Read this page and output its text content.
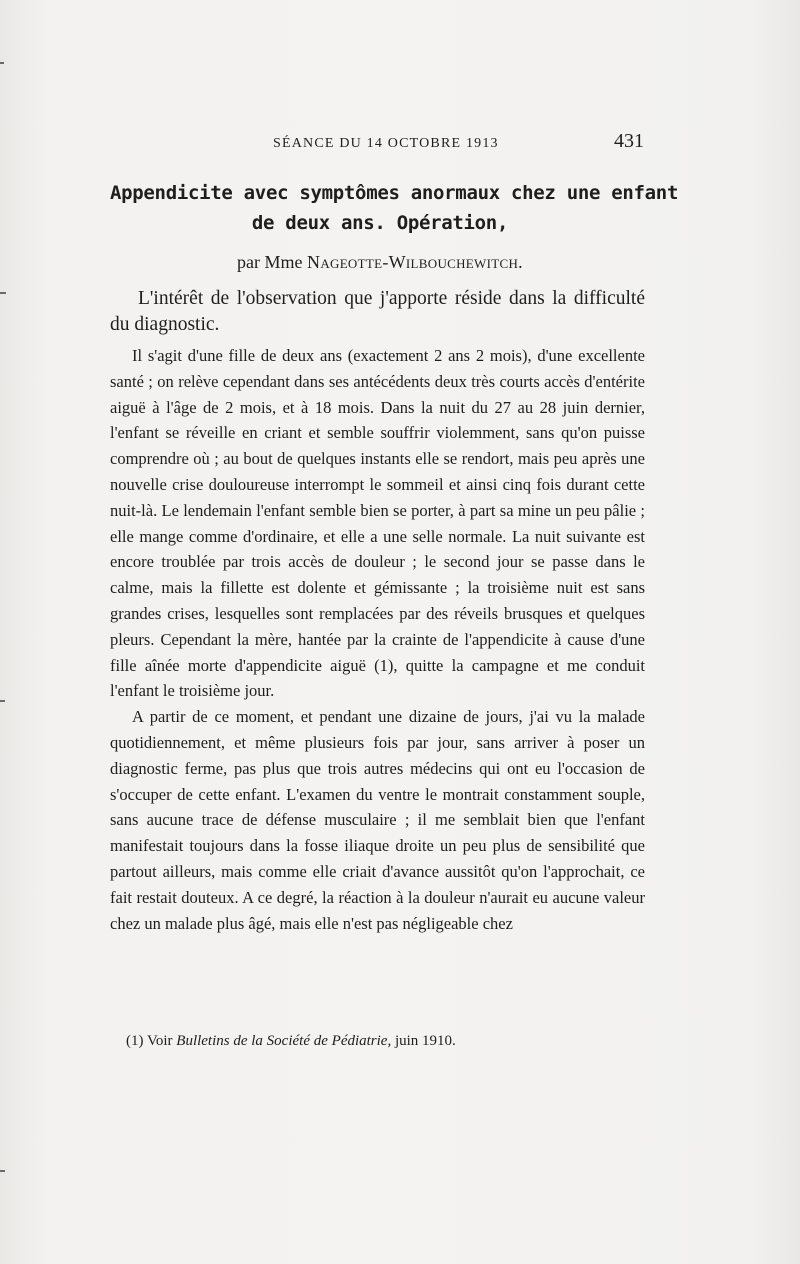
SÉANCE DU 14 OCTOBRE 1913	431
Appendicite avec symptômes anormaux chez une enfant
de deux ans. Opération,
par Mme Nageotte-Wilbouchewitch.

L'intérêt de l'observation que j'apporte réside dans la difficulté du diagnostic.

Il s'agit d'une fille de deux ans (exactement 2 ans 2 mois), d'une excellente santé ; on relève cependant dans ses antécédents deux très courts accès d'entérite aiguë à l'âge de 2 mois, et à 18 mois. Dans la nuit du 27 au 28 juin dernier, l'enfant se réveille en criant et semble souffrir violemment, sans qu'on puisse comprendre où ; au bout de quelques instants elle se rendort, mais peu après une nouvelle crise douloureuse interrompt le sommeil et ainsi cinq fois durant cette nuit-là. Le lendemain l'enfant semble bien se porter, à part sa mine un peu pâlie ; elle mange comme d'ordinaire, et elle a une selle normale. La nuit suivante est encore troublée par trois accès de douleur ; le second jour se passe dans le calme, mais la fillette est dolente et gémissante ; la troisième nuit est sans grandes crises, lesquelles sont remplacées par des réveils brusques et quelques pleurs. Cependant la mère, hantée par la crainte de l'appendicite à cause d'une fille aînée morte d'appendicite aiguë (1), quitte la campagne et me conduit l'enfant le troisième jour.

A partir de ce moment, et pendant une dizaine de jours, j'ai vu la malade quotidiennement, et même plusieurs fois par jour, sans arriver à poser un diagnostic ferme, pas plus que trois autres médecins qui ont eu l'occasion de s'occuper de cette enfant. L'examen du ventre le montrait constamment souple, sans aucune trace de défense musculaire ; il me semblait bien que l'enfant manifestait toujours dans la fosse iliaque droite un peu plus de sensibilité que partout ailleurs, mais comme elle criait d'avance aussitôt qu'on l'approchait, ce fait restait douteux. A ce degré, la réaction à la douleur n'aurait eu aucune valeur chez un malade plus âgé, mais elle n'est pas négligeable chez

(1) Voir Bulletins de la Société de Pédiatrie, juin 1910.
